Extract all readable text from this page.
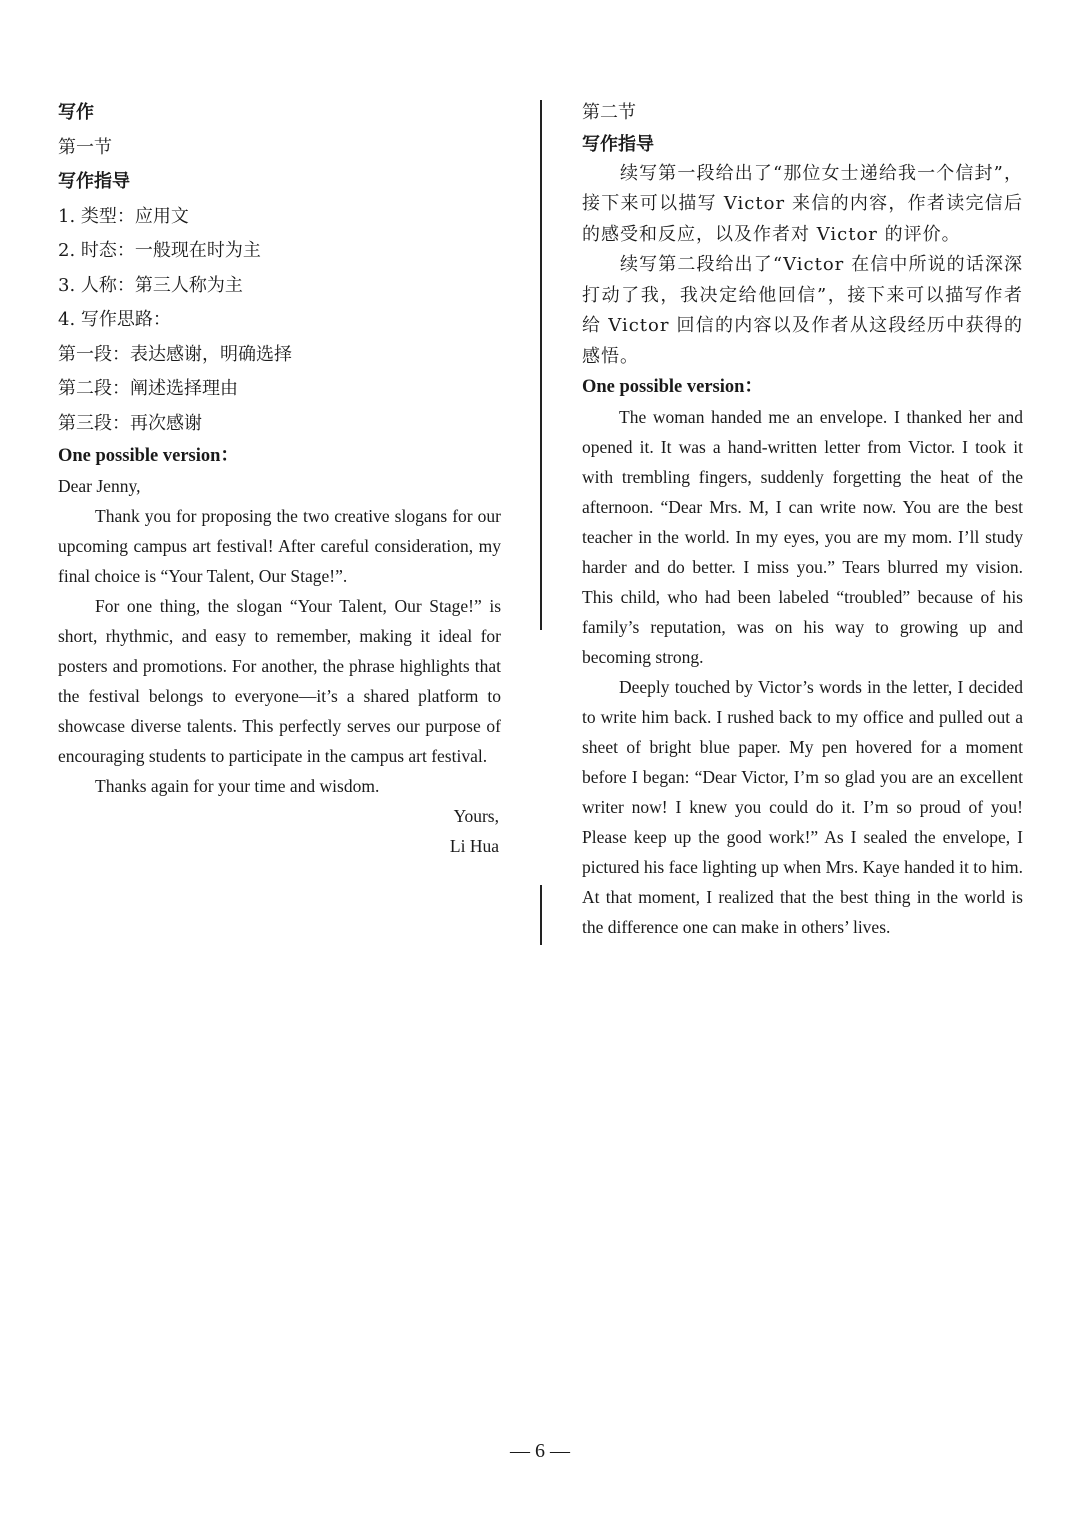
写作
第一节
写作指导
1. 类型：应用文
2. 时态：一般现在时为主
3. 人称：第三人称为主
4. 写作思路：
第一段：表达感谢，明确选择
第二段：阐述选择理由
第三段：再次感谢
One possible version：

Dear Jenny,

Thank you for proposing the two creative slogans for our upcoming campus art festival! After careful consideration, my final choice is “Your Talent, Our Stage!”.

For one thing, the slogan “Your Talent, Our Stage!” is short, rhythmic, and easy to remember, making it ideal for posters and promotions. For another, the phrase highlights that the festival belongs to everyone—it’s a shared platform to showcase diverse talents. This perfectly serves our purpose of encouraging students to participate in the campus art festival.

Thanks again for your time and wisdom.

Yours,
Li Hua
第二节
写作指导

续写第一段给出了“那位女士递给我一个信封”，接下来可以描写 Victor 来信的内容，作者读完信后的感受和反应，以及作者对 Victor 的评价。

续写第二段给出了“Victor 在信中所说的话深深打动了我，我决定给他回信”，接下来可以描写作者给 Victor 回信的内容以及作者从这段经历中获得的感悟。

One possible version：

The woman handed me an envelope. I thanked her and opened it. It was a hand-written letter from Victor. I took it with trembling fingers, suddenly forgetting the heat of the afternoon. “Dear Mrs. M, I can write now. You are the best teacher in the world. In my eyes, you are my mom. I’ll study harder and do better. I miss you.” Tears blurred my vision. This child, who had been labeled “troubled” because of his family’s reputation, was on his way to growing up and becoming strong.

Deeply touched by Victor’s words in the letter, I decided to write him back. I rushed back to my office and pulled out a sheet of bright blue paper. My pen hovered for a moment before I began: “Dear Victor, I’m so glad you are an excellent writer now! I knew you could do it. I’m so proud of you! Please keep up the good work!” As I sealed the envelope, I pictured his face lighting up when Mrs. Kaye handed it to him. At that moment, I realized that the best thing in the world is the difference one can make in others’ lives.

— 6 —
